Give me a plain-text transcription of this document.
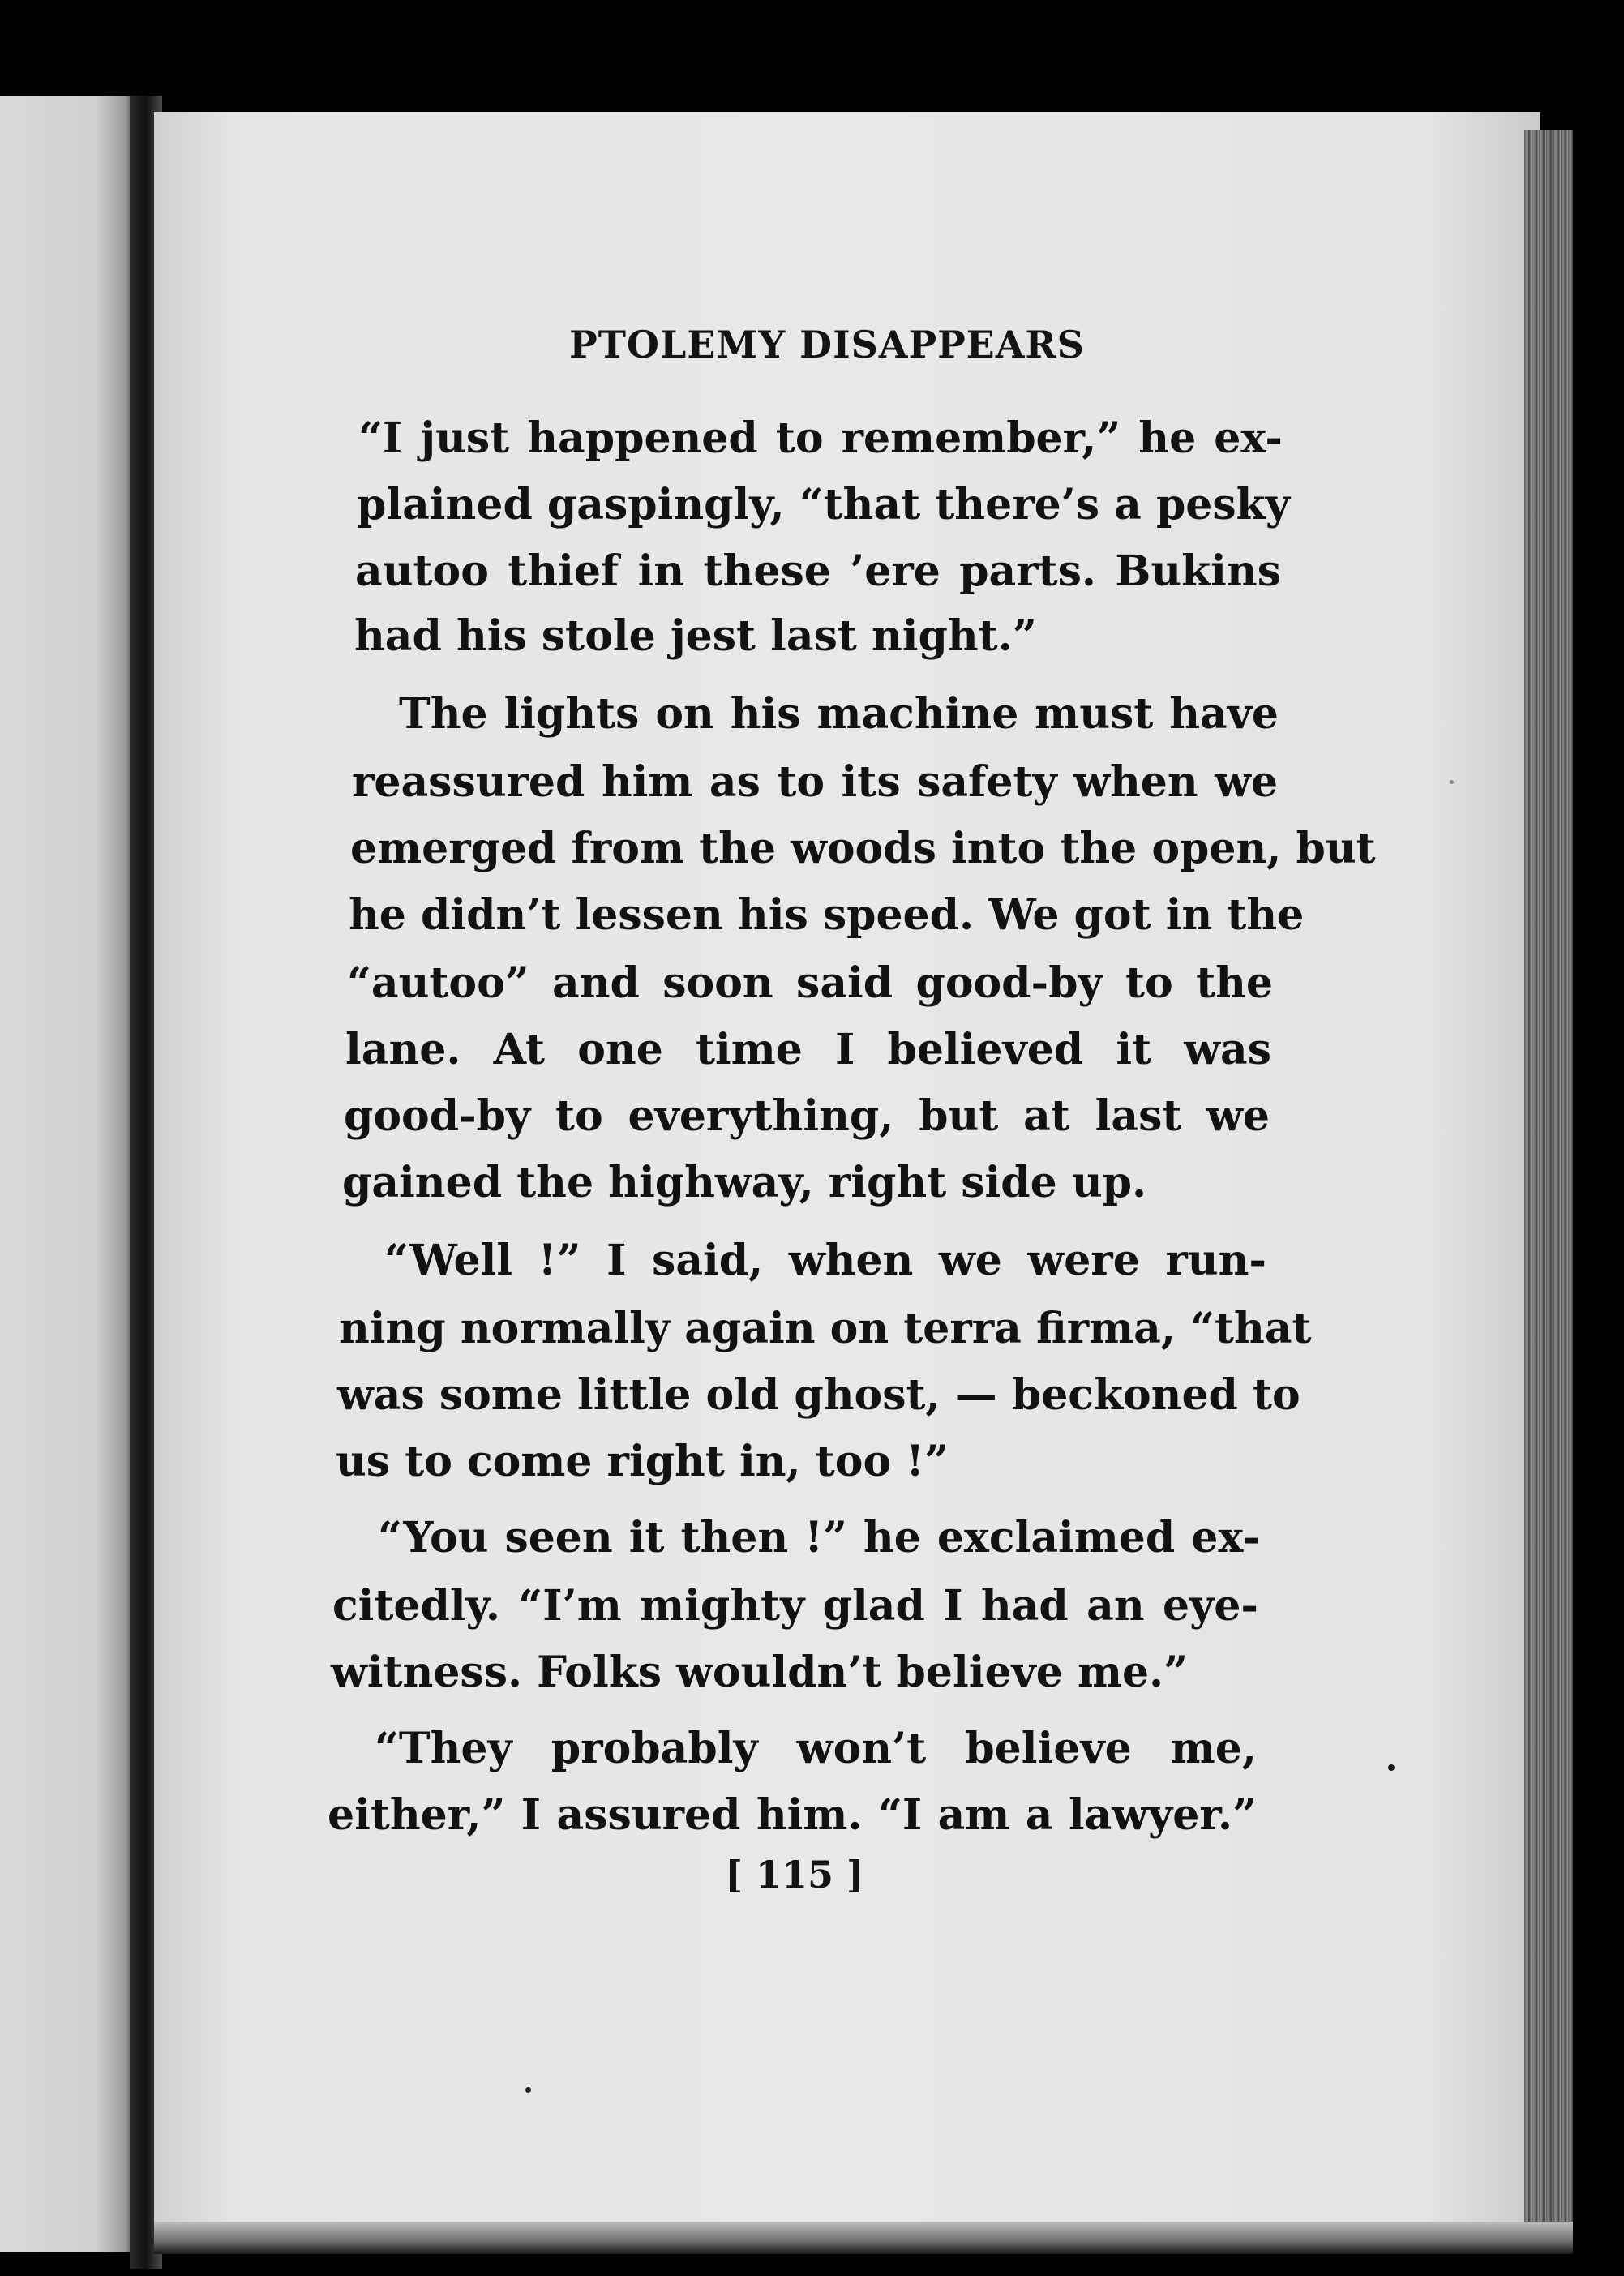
PTOLEMY DISAPPEARS
“I just happened to remember,” he ex-
plained gaspingly, “that there’s a pesky
autoo thief in these ’ere parts. Bukins
had his stole jest last night.”
The lights on his machine must have
reassured him as to its safety when we
emerged from the woods into the open, but
he didn’t lessen his speed. We got in the
“autoo” and soon said good-by to the
lane. At one time I believed it was
good-by to everything, but at last we
gained the highway, right side up.
“Well !” I said, when we were run-
ning normally again on terra firma, “that
was some little old ghost, — beckoned to
us to come right in, too !”
“You seen it then !” he exclaimed ex-
citedly. “I’m mighty glad I had an eye-
witness. Folks wouldn’t believe me.”
“They probably won’t believe me,
either,” I assured him. “I am a lawyer.”
[ 115 ]
